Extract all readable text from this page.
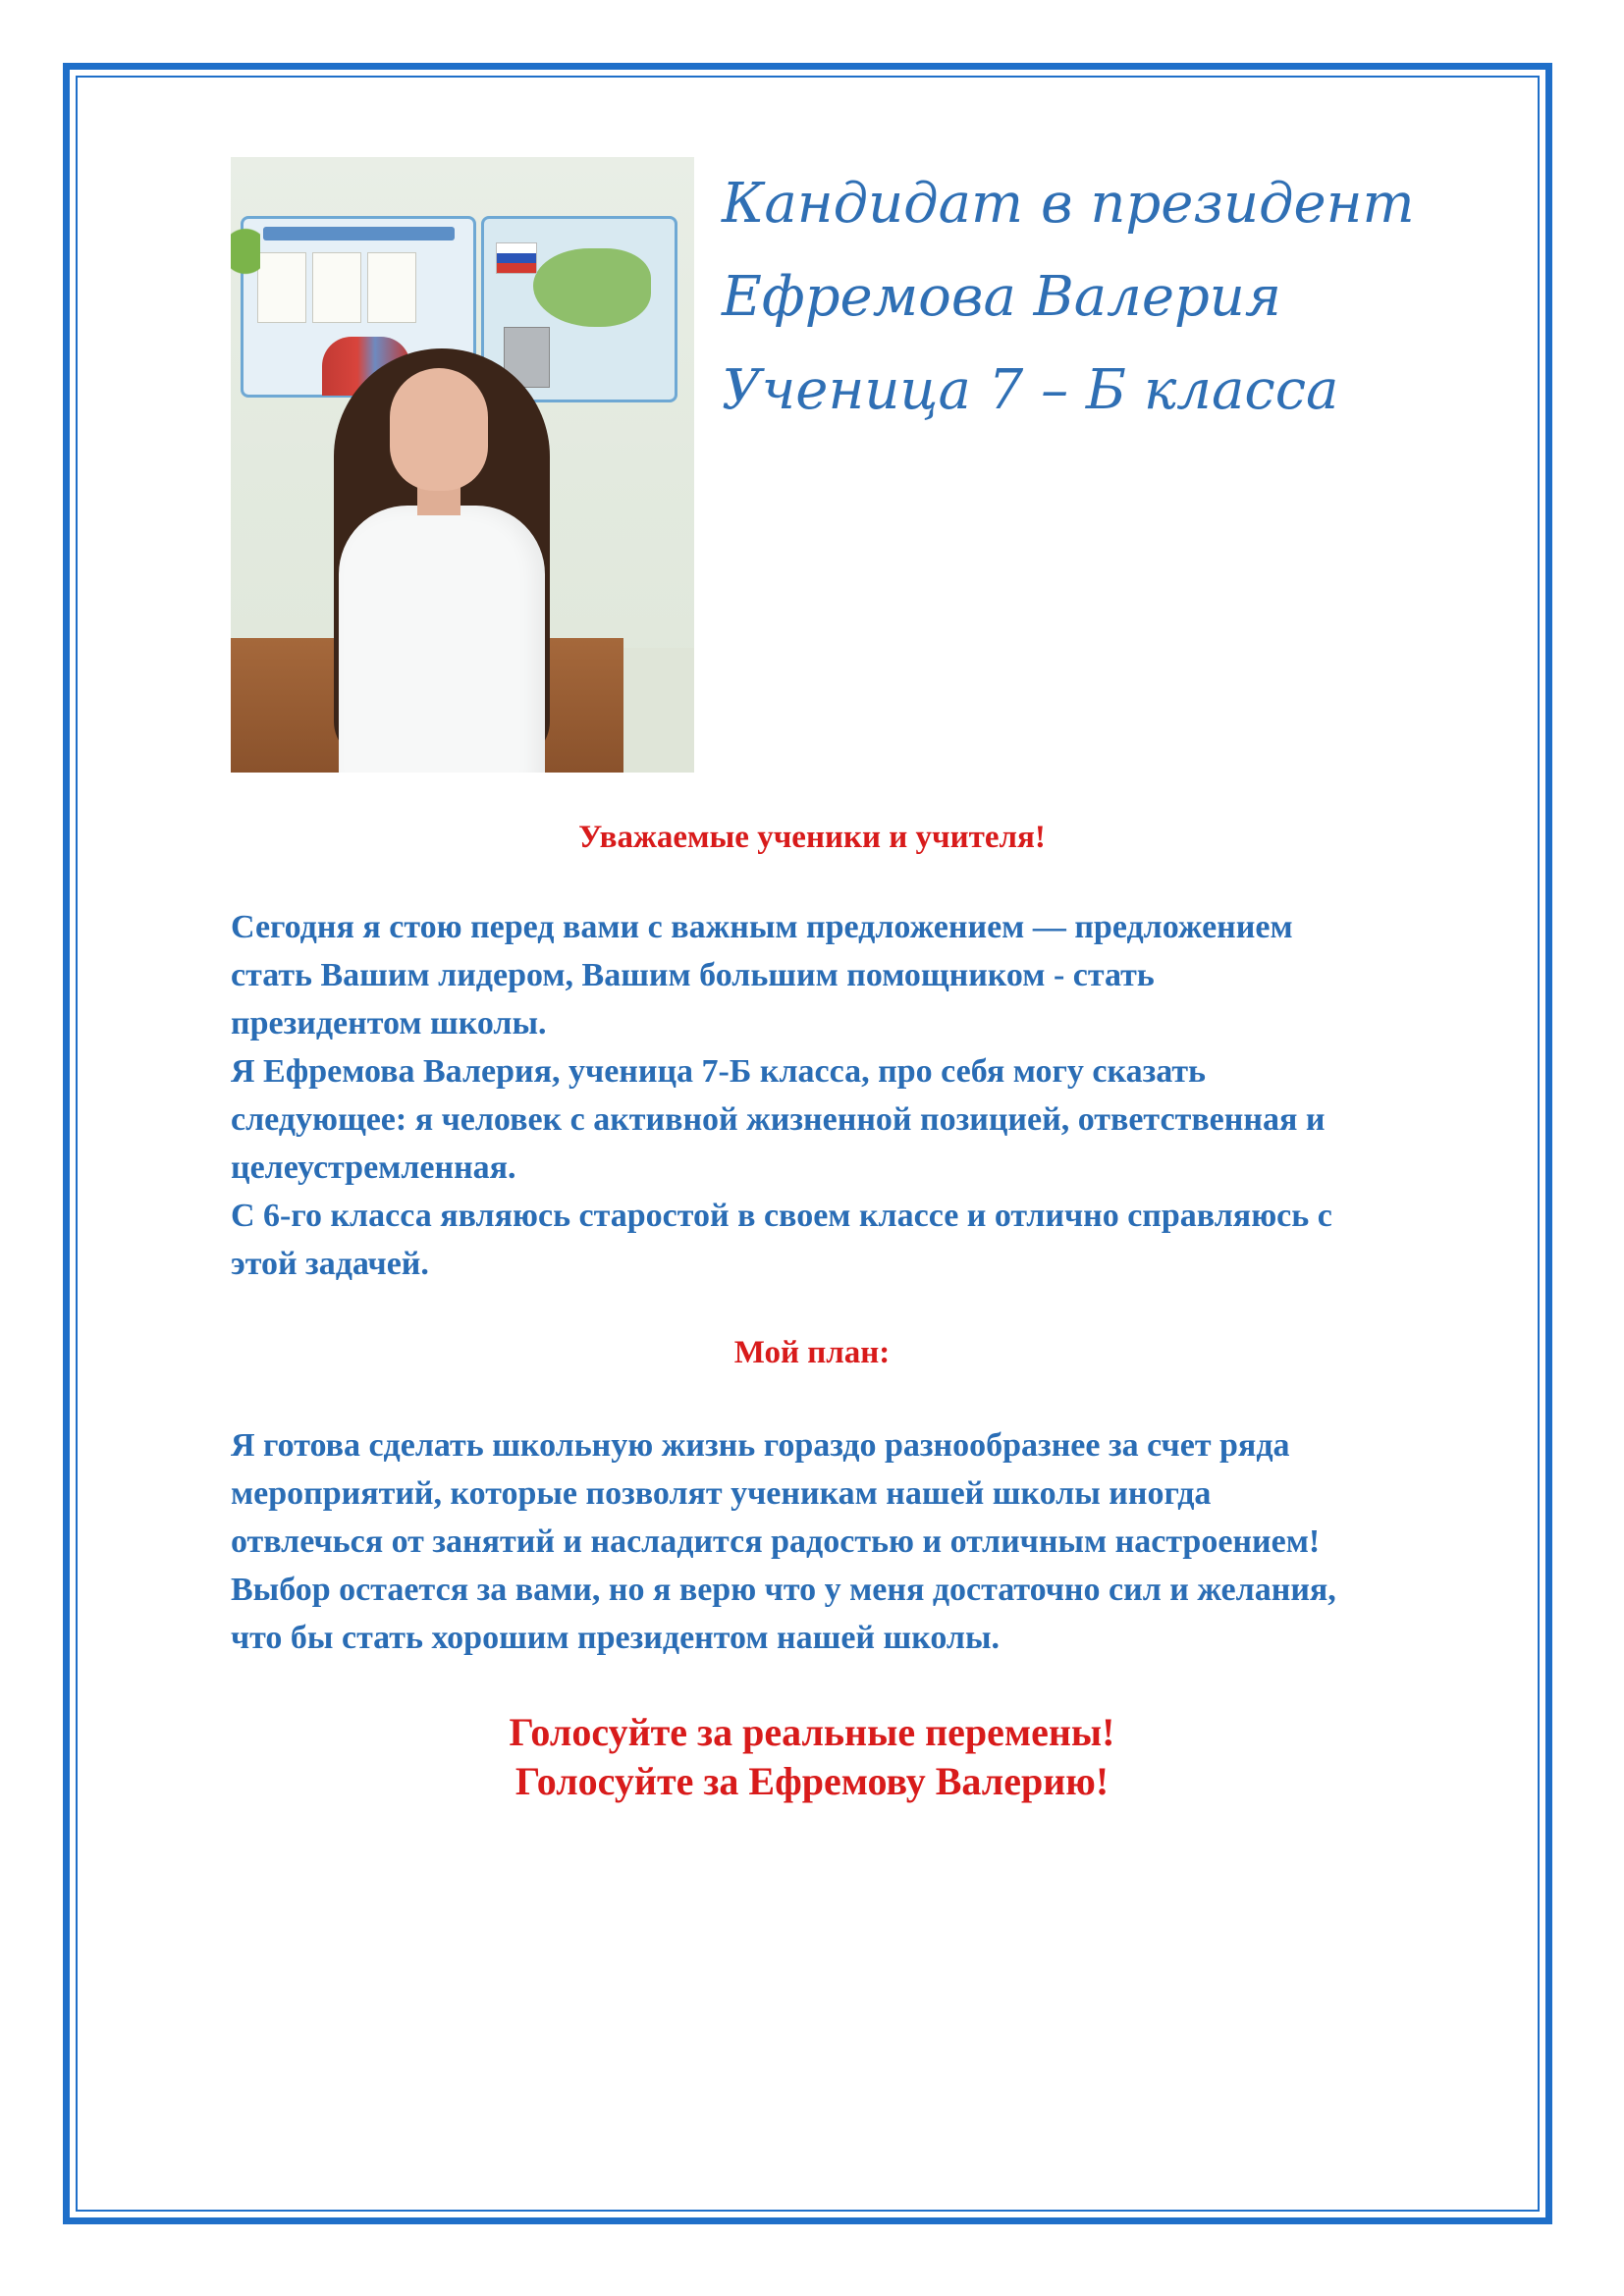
Кандидат в президент
Ефремова Валерия
Ученица 7 – Б класса

Уважаемые ученики и учителя!

Сегодня я стою перед вами с важным предложением — предложением
стать Вашим лидером, Вашим большим помощником - стать
президентом школы.
Я Ефремова Валерия, ученица 7-Б класса, про себя могу сказать
следующее: я человек с активной жизненной позицией, ответственная и
целеустремленная.
С 6-го класса являюсь старостой в своем классе и отлично справляюсь с
этой задачей.

Мой план:

Я готова сделать школьную жизнь гораздо разнообразнее за счет ряда
мероприятий, которые позволят ученикам нашей школы иногда
отвлечься от занятий и насладится радостью и отличным настроением!
Выбор остается за вами, но я верю что у меня достаточно сил и желания,
что бы стать хорошим президентом нашей школы.

Голосуйте за реальные перемены!
Голосуйте за Ефремову Валерию!
